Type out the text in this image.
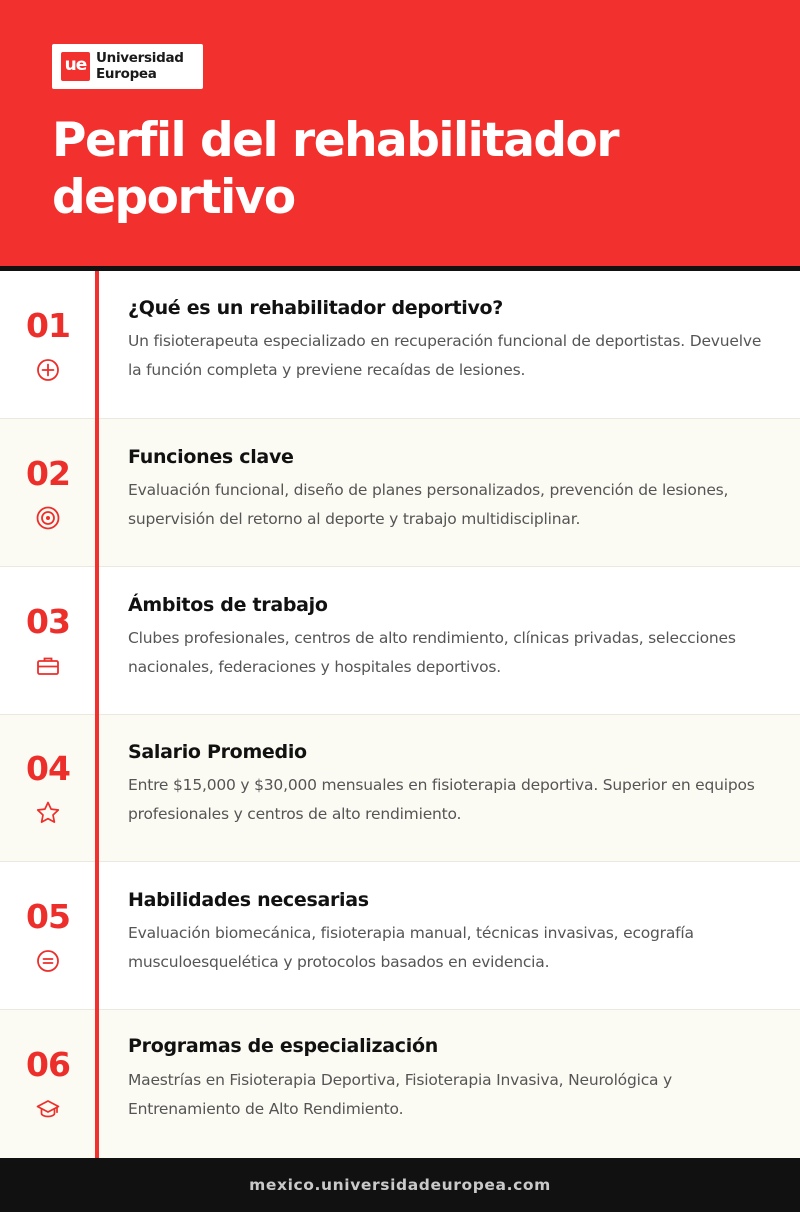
ue Universidad
Europea
Perfil del rehabilitador
deportivo
01	¿Qué es un rehabilitador deportivo?
Un fisioterapeuta especializado en recuperación funcional de deportistas. Devuelve la función completa y previene recaídas de lesiones.
02	Funciones clave
Evaluación funcional, diseño de planes personalizados, prevención de lesiones, supervisión del retorno al deporte y trabajo multidisciplinar.
03	Ámbitos de trabajo
Clubes profesionales, centros de alto rendimiento, clínicas privadas, selecciones nacionales, federaciones y hospitales deportivos.
04	Salario Promedio
Entre $15,000 y $30,000 mensuales en fisioterapia deportiva. Superior en equipos profesionales y centros de alto rendimiento.
05	Habilidades necesarias
Evaluación biomecánica, fisioterapia manual, técnicas invasivas, ecografía musculoesquelética y protocolos basados en evidencia.
06	Programas de especialización
Maestrías en Fisioterapia Deportiva, Fisioterapia Invasiva, Neurológica y Entrenamiento de Alto Rendimiento.
mexico.universidadeuropea.com
